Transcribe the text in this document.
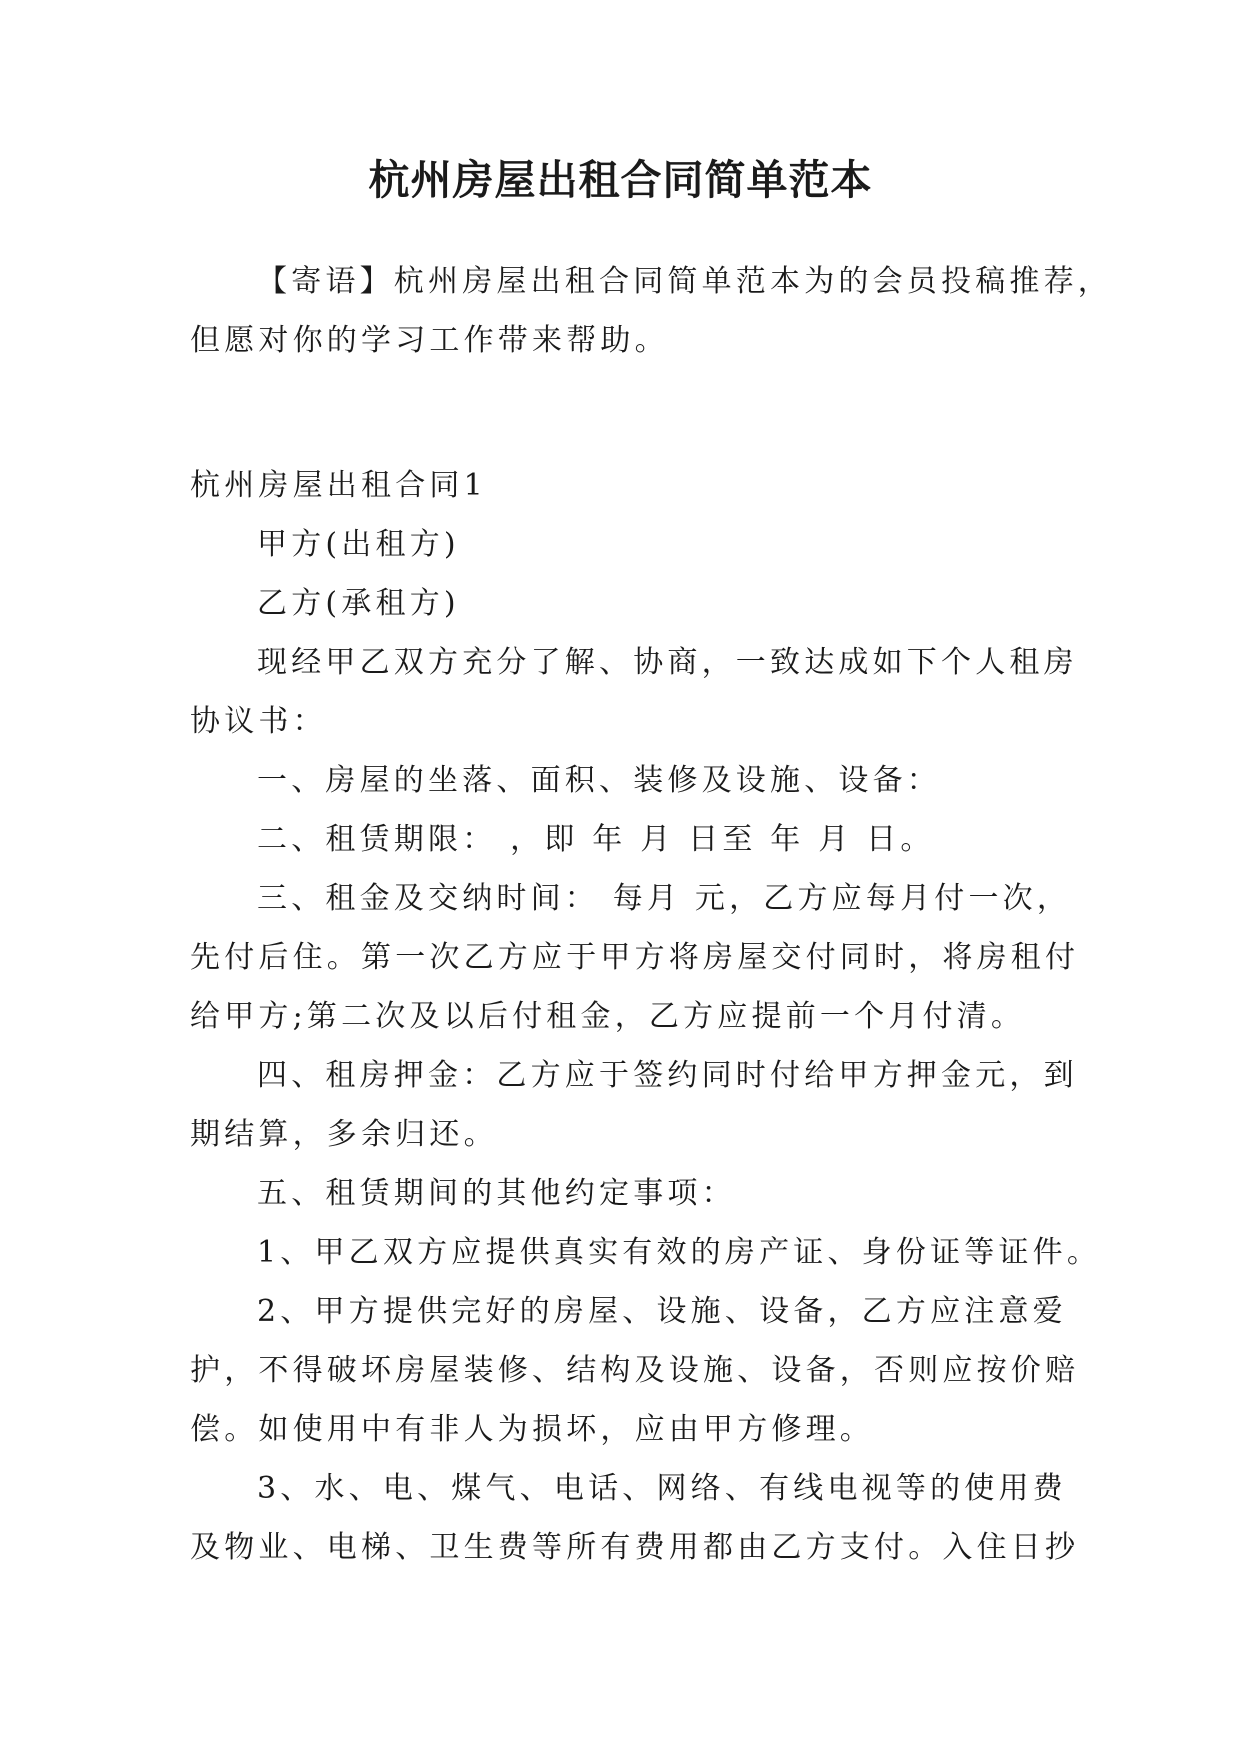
杭州房屋出租合同简单范本

【寄语】杭州房屋出租合同简单范本为的会员投稿推荐，

但愿对你的学习工作带来帮助。

杭州房屋出租合同1

甲方(出租方)

乙方(承租方)

现经甲乙双方充分了解、协商，一致达成如下个人租房

协议书：

一、房屋的坐落、面积、装修及设施、设备：

二、租赁期限： ，即 年 月 日至 年 月 日。

三、租金及交纳时间： 每月 元，乙方应每月付一次，

先付后住。第一次乙方应于甲方将房屋交付同时，将房租付

给甲方;第二次及以后付租金，乙方应提前一个月付清。

四、租房押金：乙方应于签约同时付给甲方押金元，到

期结算，多余归还。

五、租赁期间的其他约定事项：

1、甲乙双方应提供真实有效的房产证、身份证等证件。

2、甲方提供完好的房屋、设施、设备，乙方应注意爱

护，不得破坏房屋装修、结构及设施、设备，否则应按价赔

偿。如使用中有非人为损坏，应由甲方修理。

3、水、电、煤气、电话、网络、有线电视等的使用费

及物业、电梯、卫生费等所有费用都由乙方支付。入住日抄
